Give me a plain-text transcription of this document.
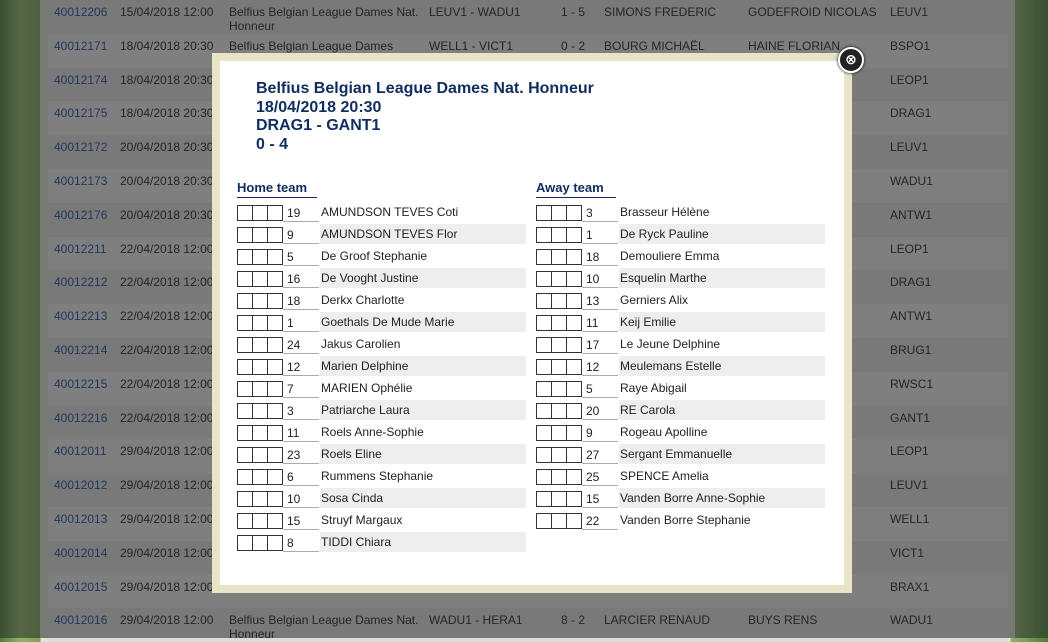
Belfius Belgian League Dames Nat. Honneur
18/04/2018 20:30
DRAG1 - GANT1
0 - 4
Home team
19 AMUNDSON TEVES Coti
9 AMUNDSON TEVES Flor
5 De Groof Stephanie
16 De Vooght Justine
18 Derkx Charlotte
1 Goethals De Mude Marie
24 Jakus Carolien
12 Marien Delphine
7 MARIEN Ophélie
3 Patriarche Laura
11 Roels Anne-Sophie
23 Roels Eline
6 Rummens Stephanie
10 Sosa Cinda
15 Struyf Margaux
8 TIDDI Chiara
Away team
3 Brasseur Hélène
1 De Ryck Pauline
18 Demouliere Emma
10 Esquelin Marthe
13 Gerniers Alix
11 Keij Emilie
17 Le Jeune Delphine
12 Meulemans Estelle
5 Raye Abigail
20 RE Carola
9 Rogeau Apolline
27 Sergant Emmanuelle
25 SPENCE Amelia
15 Vanden Borre Anne-Sophie
22 Vanden Borre Stephanie
⊗
